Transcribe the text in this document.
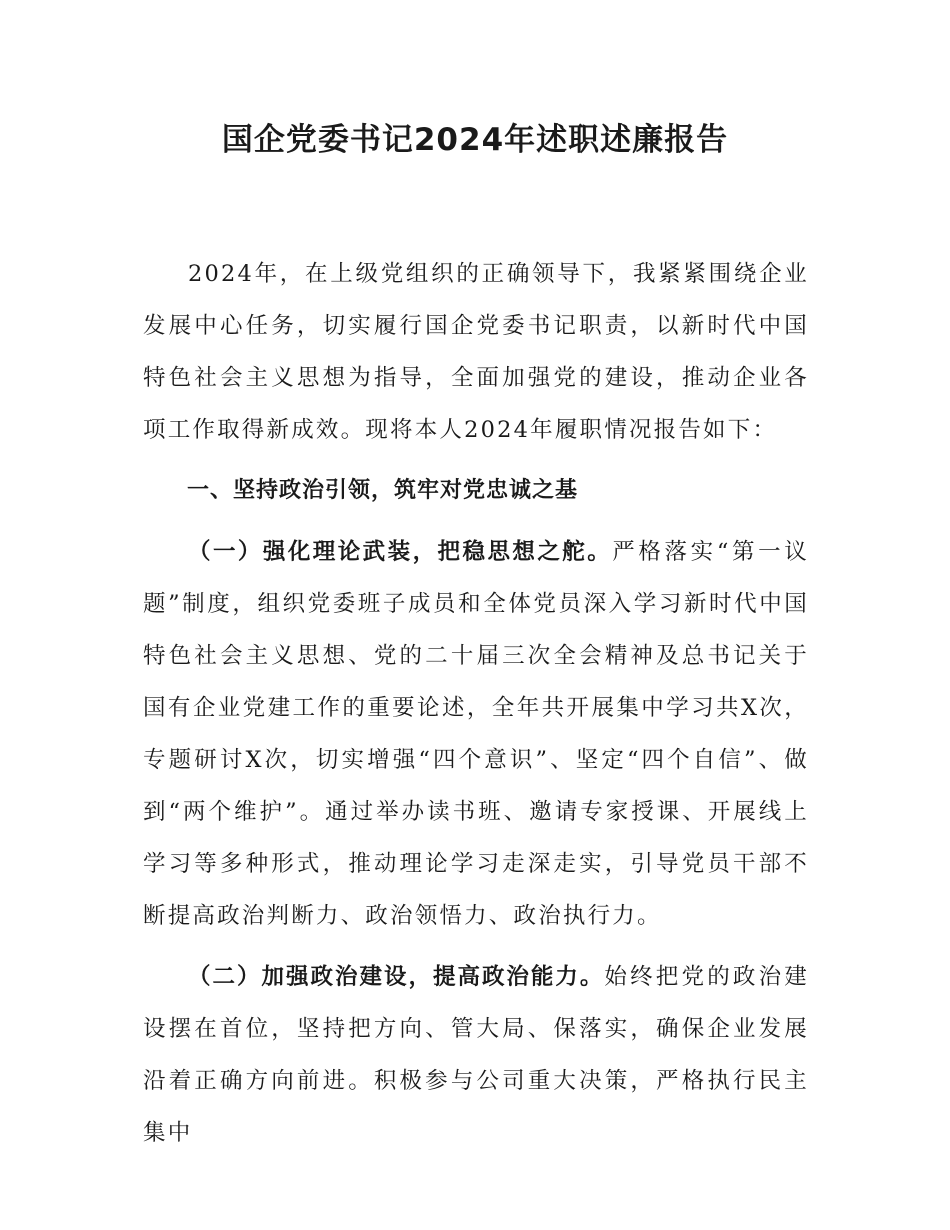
国企党委书记2024年述职述廉报告

2024年，在上级党组织的正确领导下，我紧紧围绕企业发展中心任务，切实履行国企党委书记职责，以新时代中国特色社会主义思想为指导，全面加强党的建设，推动企业各项工作取得新成效。现将本人2024年履职情况报告如下：

一、坚持政治引领，筑牢对党忠诚之基

（一）强化理论武装，把稳思想之舵。严格落实“第一议题”制度，组织党委班子成员和全体党员深入学习新时代中国特色社会主义思想、党的二十届三次全会精神及总书记关于国有企业党建工作的重要论述，全年共开展集中学习共X次，专题研讨X次，切实增强“四个意识”、坚定“四个自信”、做到“两个维护”。通过举办读书班、邀请专家授课、开展线上学习等多种形式，推动理论学习走深走实，引导党员干部不断提高政治判断力、政治领悟力、政治执行力。

（二）加强政治建设，提高政治能力。始终把党的政治建设摆在首位，坚持把方向、管大局、保落实，确保企业发展沿着正确方向前进。积极参与公司重大决策，严格执行民主集中
